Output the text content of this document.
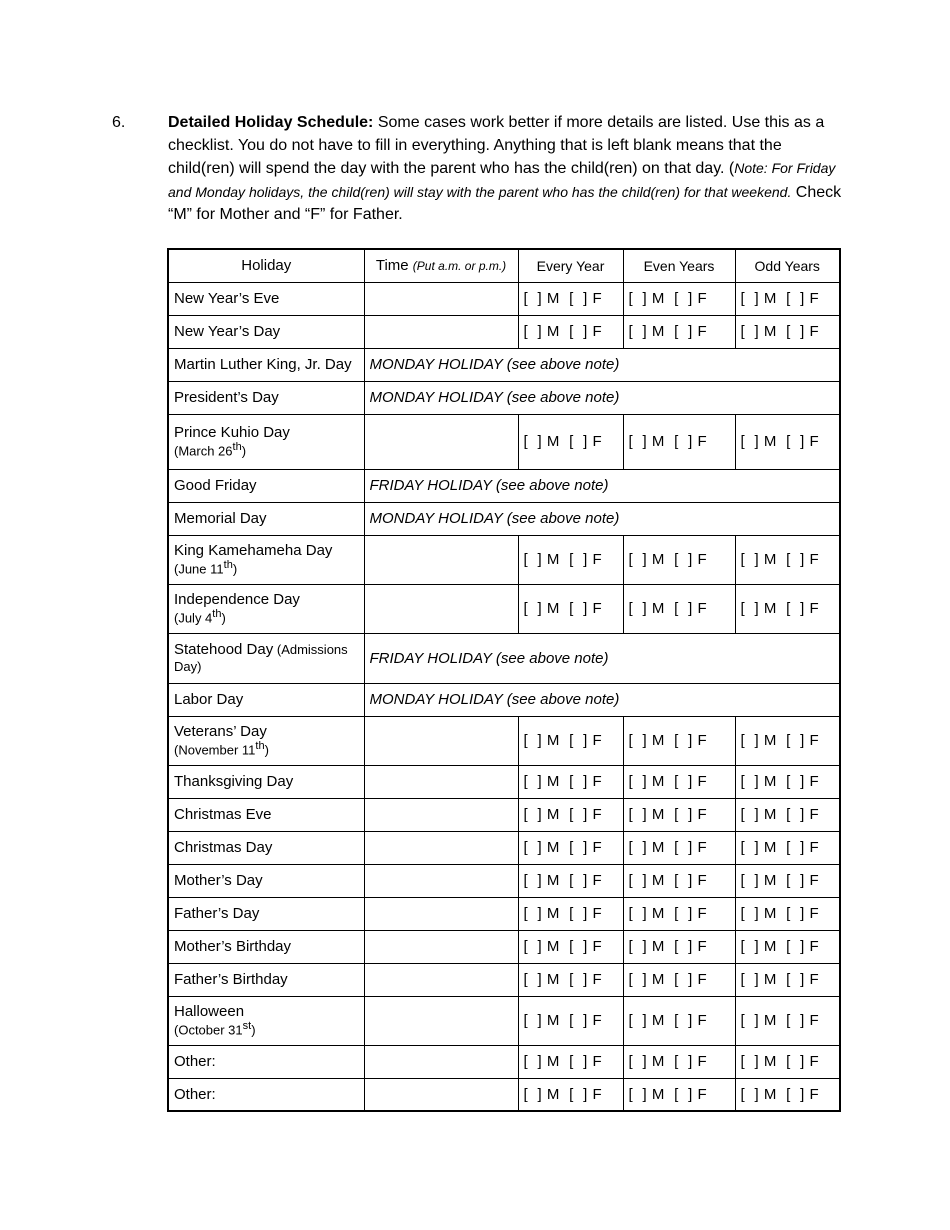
6.	Detailed Holiday Schedule: Some cases work better if more details are listed. Use this as a checklist. You do not have to fill in everything. Anything that is left blank means that the child(ren) will spend the day with the parent who has the child(ren) on that day. (Note: For Friday and Monday holidays, the child(ren) will stay with the parent who has the child(ren) for that weekend. Check “M” for Mother and “F” for Father.
Holiday	Time (Put a.m. or p.m.)	Every Year	Even Years	Odd Years

New Year’s Eve		[  ] M  [  ] F	[  ] M  [  ] F	[  ] M  [  ] F

New Year’s Day		[  ] M  [  ] F	[  ] M  [  ] F	[  ] M  [  ] F

Martin Luther King, Jr. Day	MONDAY HOLIDAY (see above note)			

President’s Day	MONDAY HOLIDAY (see above note)			

Prince Kuhio Day
(March 26th)		[  ] M  [  ] F	[  ] M  [  ] F	[  ] M  [  ] F

Good Friday	FRIDAY HOLIDAY (see above note)			

Memorial Day	MONDAY HOLIDAY (see above note)			

King Kamehameha Day
(June 11th)		[  ] M  [  ] F	[  ] M  [  ] F	[  ] M  [  ] F

Independence Day
(July 4th)		[  ] M  [  ] F	[  ] M  [  ] F	[  ] M  [  ] F

Statehood Day (Admissions Day)	FRIDAY HOLIDAY (see above note)			

Labor Day	MONDAY HOLIDAY (see above note)			

Veterans’ Day
(November 11th)		[  ] M  [  ] F	[  ] M  [  ] F	[  ] M  [  ] F

Thanksgiving Day		[  ] M  [  ] F	[  ] M  [  ] F	[  ] M  [  ] F

Christmas Eve		[  ] M  [  ] F	[  ] M  [  ] F	[  ] M  [  ] F

Christmas Day		[  ] M  [  ] F	[  ] M  [  ] F	[  ] M  [  ] F

Mother’s Day		[  ] M  [  ] F	[  ] M  [  ] F	[  ] M  [  ] F

Father’s Day		[  ] M  [  ] F	[  ] M  [  ] F	[  ] M  [  ] F

Mother’s Birthday		[  ] M  [  ] F	[  ] M  [  ] F	[  ] M  [  ] F

Father’s Birthday		[  ] M  [  ] F	[  ] M  [  ] F	[  ] M  [  ] F

Halloween
(October 31st)		[  ] M  [  ] F	[  ] M  [  ] F	[  ] M  [  ] F

Other:		[  ] M  [  ] F	[  ] M  [  ] F	[  ] M  [  ] F

Other:		[  ] M  [  ] F	[  ] M  [  ] F	[  ] M  [  ] F
